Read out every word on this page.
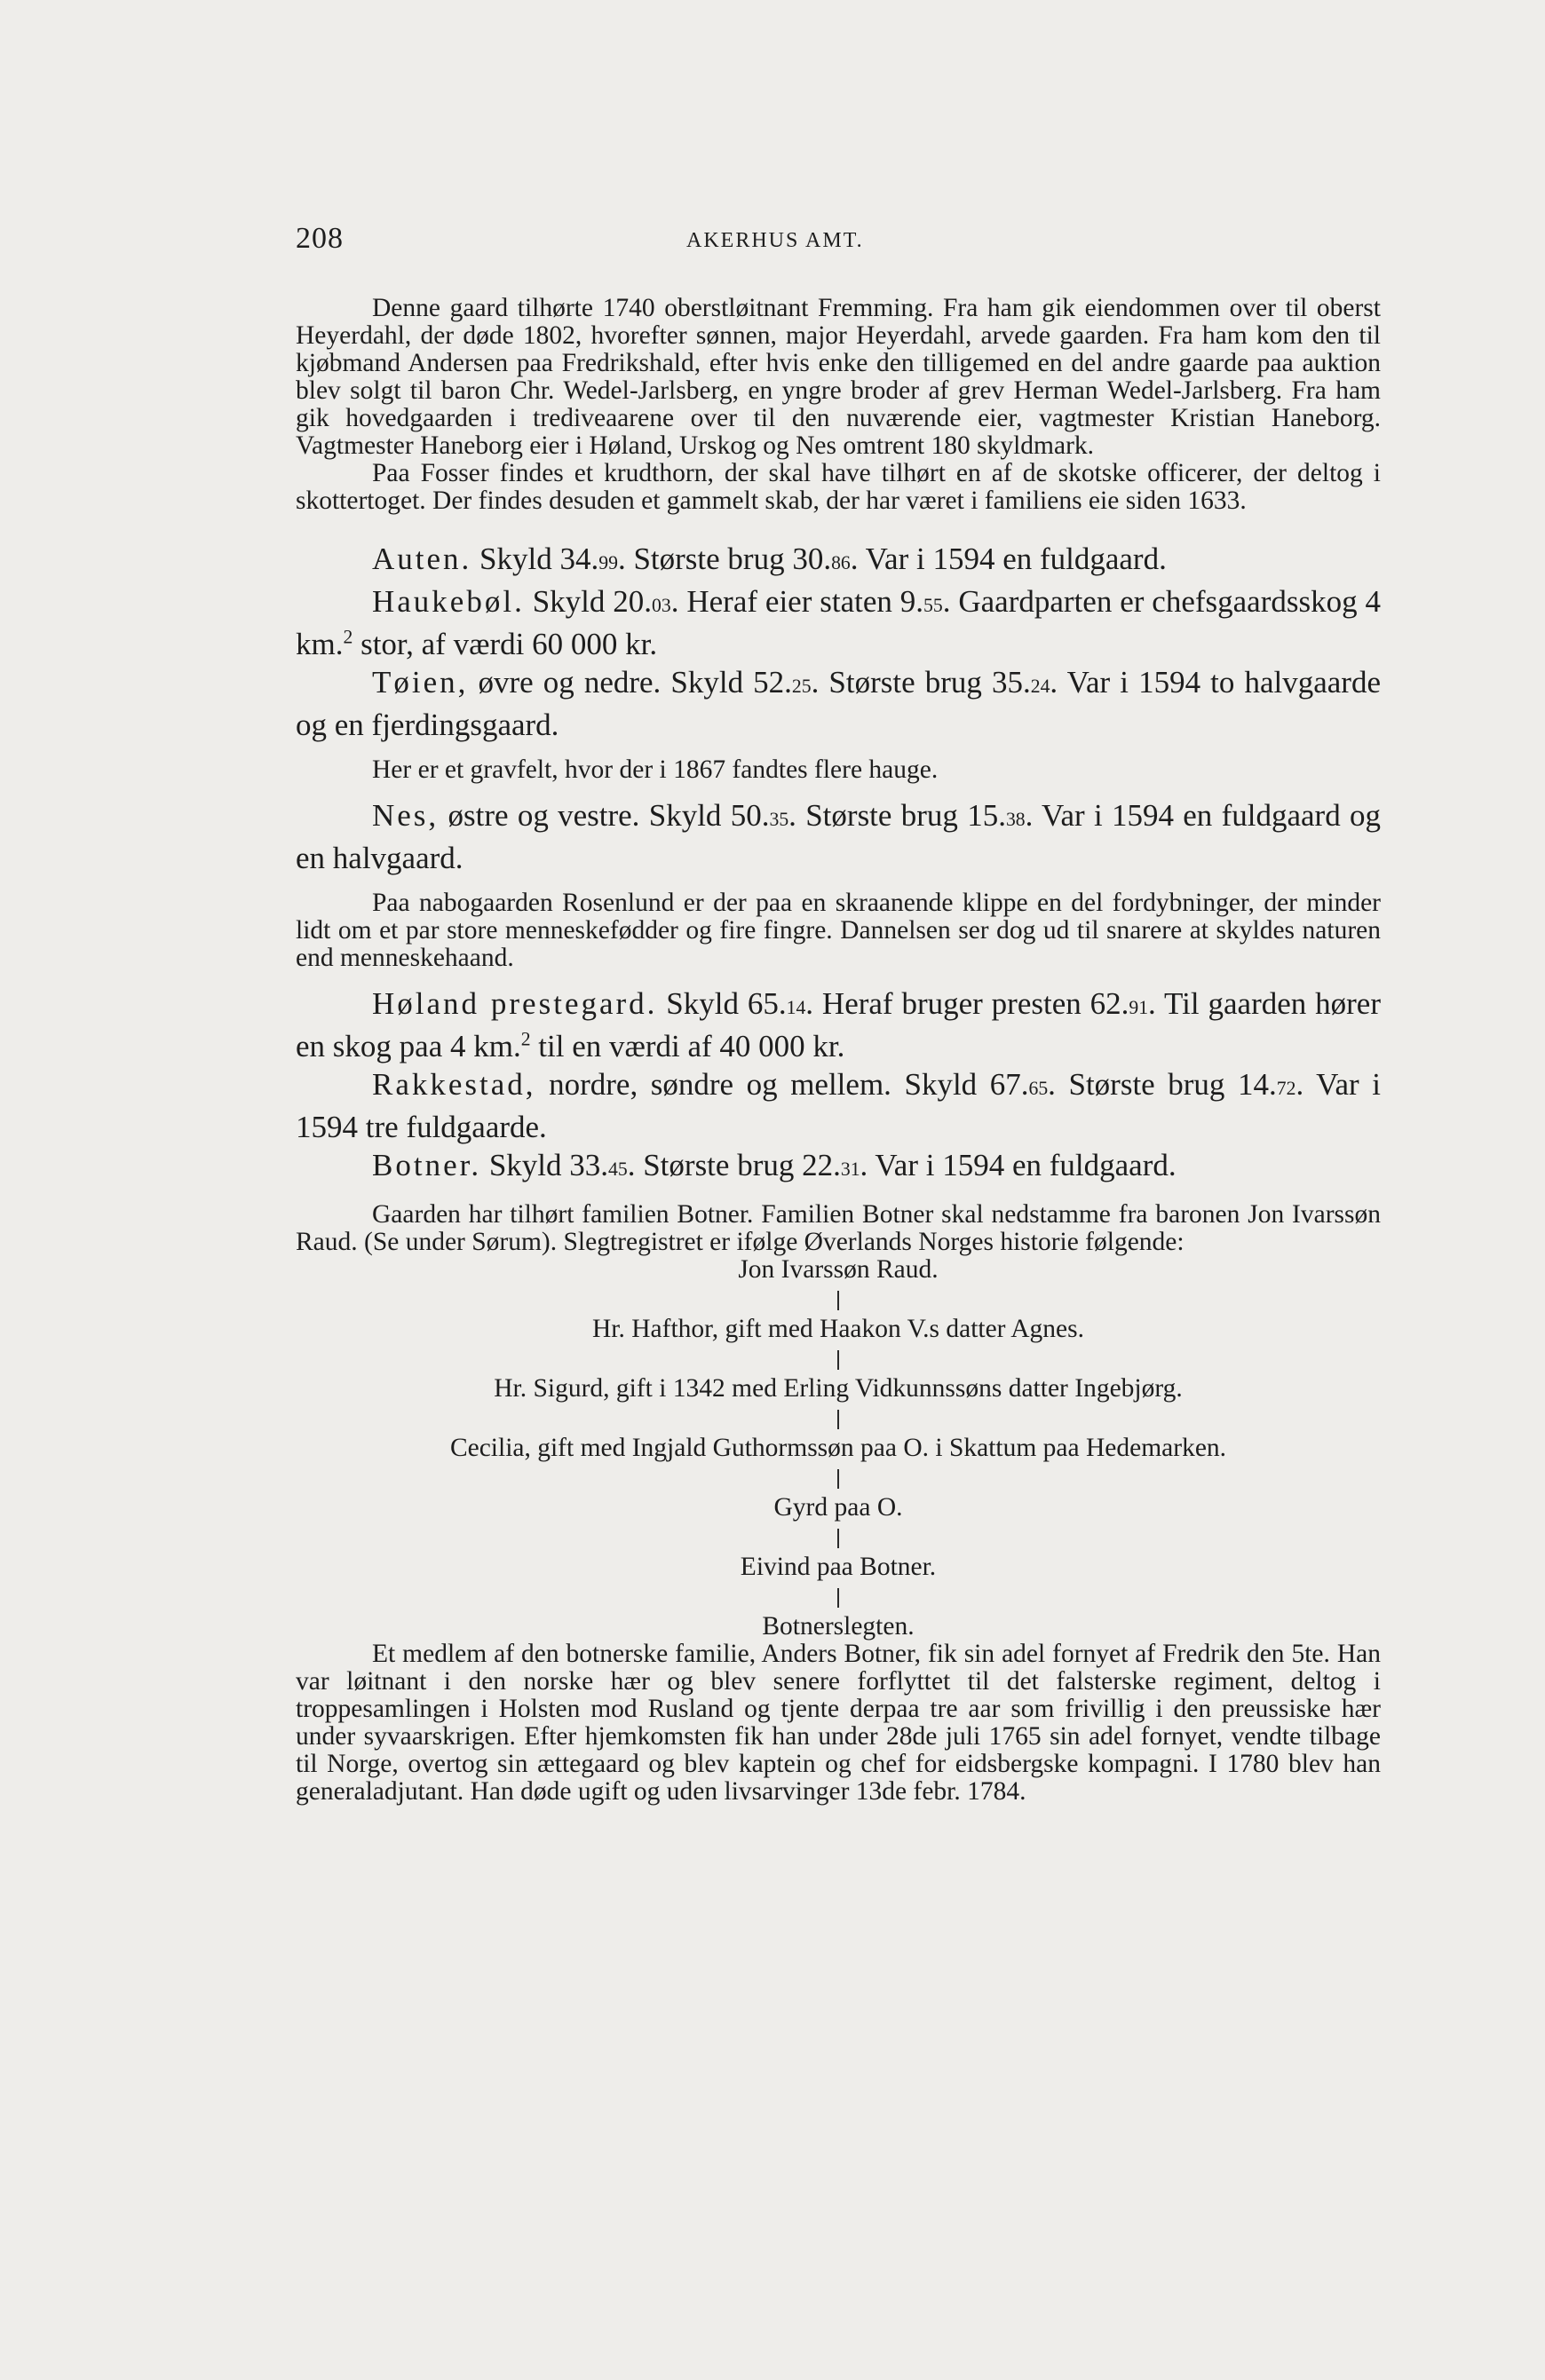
208	AKERHUS AMT.

Denne gaard tilhørte 1740 oberstløitnant Fremming. Fra ham gik eiendommen over til oberst Heyerdahl, der døde 1802, hvorefter sønnen, major Heyerdahl, arvede gaarden. Fra ham kom den til kjøbmand Andersen paa Fredrikshald, efter hvis enke den tilligemed en del andre gaarde paa auktion blev solgt til baron Chr. Wedel-Jarlsberg, en yngre broder af grev Herman Wedel-Jarlsberg. Fra ham gik hovedgaarden i trediveaarene over til den nuværende eier, vagtmester Kristian Haneborg. Vagtmester Haneborg eier i Høland, Urskog og Nes omtrent 180 skyldmark.

Paa Fosser findes et krudthorn, der skal have tilhørt en af de skotske officerer, der deltog i skottertoget. Der findes desuden et gammelt skab, der har været i familiens eie siden 1633.

Auten. Skyld 34.99. Største brug 30.86. Var i 1594 en fuldgaard.

Haukebøl. Skyld 20.03. Heraf eier staten 9.55. Gaardparten er chefsgaardsskog 4 km.$^2$ stor, af værdi 60 000 kr.

Tøien, øvre og nedre. Skyld 52.25. Største brug 35.24. Var i 1594 to halvgaarde og en fjerdingsgaard.

Her er et gravfelt, hvor der i 1867 fandtes flere hauge.

Nes, østre og vestre. Skyld 50.35. Største brug 15.38. Var i 1594 en fuldgaard og en halvgaard.

Paa nabogaarden Rosenlund er der paa en skraanende klippe en del fordybninger, der minder lidt om et par store menneskefødder og fire fingre. Dannelsen ser dog ud til snarere at skyldes naturen end menneskehaand.

Høland prestegard. Skyld 65.14. Heraf bruger presten 62.91. Til gaarden hører en skog paa 4 km.$^2$ til en værdi af 40 000 kr.

Rakkestad, nordre, søndre og mellem. Skyld 67.65. Største brug 14.72. Var i 1594 tre fuldgaarde.

Botner. Skyld 33.45. Største brug 22.31. Var i 1594 en fuldgaard.

Gaarden har tilhørt familien Botner. Familien Botner skal nedstamme fra baronen Jon Ivarssøn Raud. (Se under Sørum). Slegtregistret er ifølge Øverlands Norges historie følgende:

Jon Ivarssøn Raud.
Hr. Hafthor, gift med Haakon V.s datter Agnes.
Hr. Sigurd, gift i 1342 med Erling Vidkunnssøns datter Ingebjørg.
Cecilia, gift med Ingjald Guthormssøn paa O. i Skattum paa Hedemarken.
Gyrd paa O.
Eivind paa Botner.
Botnerslegten.

Et medlem af den botnerske familie, Anders Botner, fik sin adel fornyet af Fredrik den 5te. Han var løitnant i den norske hær og blev senere forflyttet til det falsterske regiment, deltog i troppesamlingen i Holsten mod Rusland og tjente derpaa tre aar som frivillig i den preussiske hær under syvaarskrigen. Efter hjemkomsten fik han under 28de juli 1765 sin adel fornyet, vendte tilbage til Norge, overtog sin ættegaard og blev kaptein og chef for eidsbergske kompagni. I 1780 blev han generaladjutant. Han døde ugift og uden livsarvinger 13de febr. 1784.
